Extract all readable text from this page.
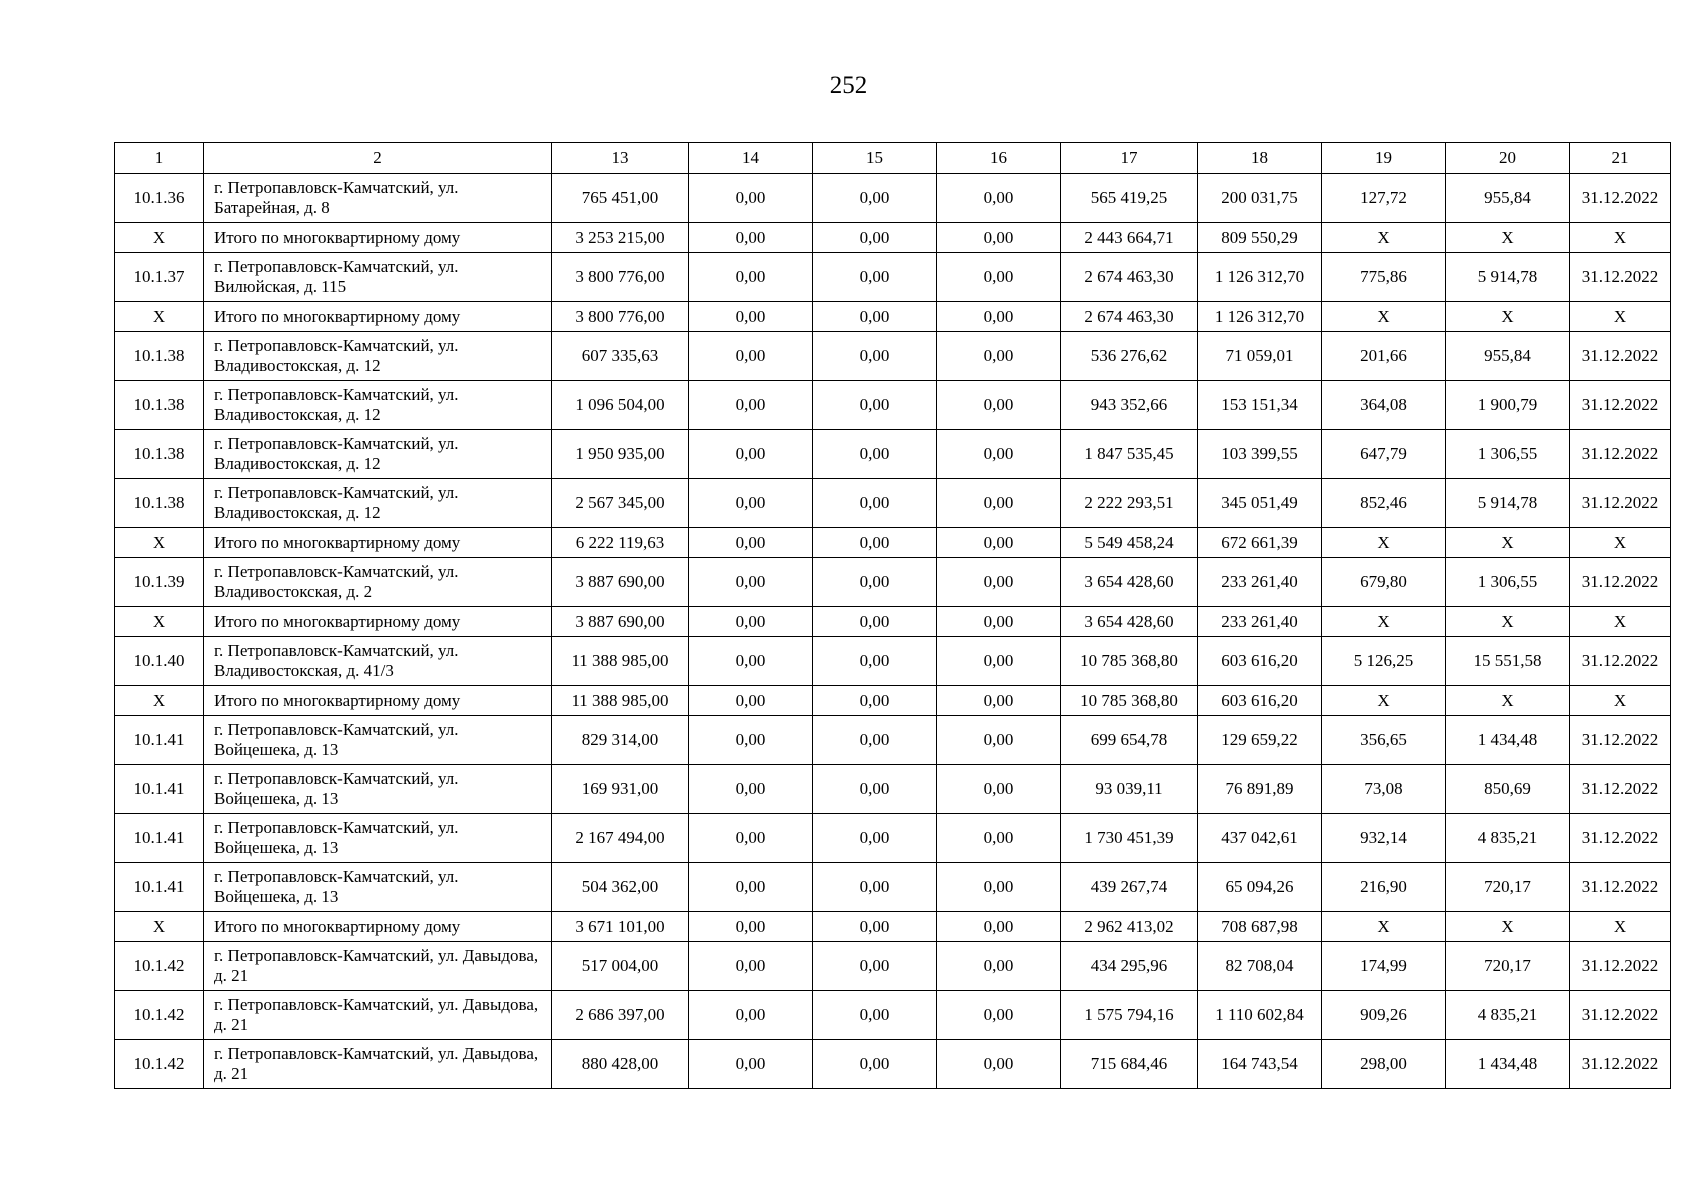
252
1	2	13	14	15	16	17	18	19	20	21
10.1.36	г. Петропавловск-Камчатский, ул. Батарейная, д. 8	765 451,00	0,00	0,00	0,00	565 419,25	200 031,75	127,72	955,84	31.12.2022
X	Итого по многоквартирному дому	3 253 215,00	0,00	0,00	0,00	2 443 664,71	809 550,29	X	X	X
10.1.37	г. Петропавловск-Камчатский, ул. Вилюйская, д. 115	3 800 776,00	0,00	0,00	0,00	2 674 463,30	1 126 312,70	775,86	5 914,78	31.12.2022
X	Итого по многоквартирному дому	3 800 776,00	0,00	0,00	0,00	2 674 463,30	1 126 312,70	X	X	X
10.1.38	г. Петропавловск-Камчатский, ул. Владивостокская, д. 12	607 335,63	0,00	0,00	0,00	536 276,62	71 059,01	201,66	955,84	31.12.2022
10.1.38	г. Петропавловск-Камчатский, ул. Владивостокская, д. 12	1 096 504,00	0,00	0,00	0,00	943 352,66	153 151,34	364,08	1 900,79	31.12.2022
10.1.38	г. Петропавловск-Камчатский, ул. Владивостокская, д. 12	1 950 935,00	0,00	0,00	0,00	1 847 535,45	103 399,55	647,79	1 306,55	31.12.2022
10.1.38	г. Петропавловск-Камчатский, ул. Владивостокская, д. 12	2 567 345,00	0,00	0,00	0,00	2 222 293,51	345 051,49	852,46	5 914,78	31.12.2022
X	Итого по многоквартирному дому	6 222 119,63	0,00	0,00	0,00	5 549 458,24	672 661,39	X	X	X
10.1.39	г. Петропавловск-Камчатский, ул. Владивостокская, д. 2	3 887 690,00	0,00	0,00	0,00	3 654 428,60	233 261,40	679,80	1 306,55	31.12.2022
X	Итого по многоквартирному дому	3 887 690,00	0,00	0,00	0,00	3 654 428,60	233 261,40	X	X	X
10.1.40	г. Петропавловск-Камчатский, ул. Владивостокская, д. 41/3	11 388 985,00	0,00	0,00	0,00	10 785 368,80	603 616,20	5 126,25	15 551,58	31.12.2022
X	Итого по многоквартирному дому	11 388 985,00	0,00	0,00	0,00	10 785 368,80	603 616,20	X	X	X
10.1.41	г. Петропавловск-Камчатский, ул. Войцешека, д. 13	829 314,00	0,00	0,00	0,00	699 654,78	129 659,22	356,65	1 434,48	31.12.2022
10.1.41	г. Петропавловск-Камчатский, ул. Войцешека, д. 13	169 931,00	0,00	0,00	0,00	93 039,11	76 891,89	73,08	850,69	31.12.2022
10.1.41	г. Петропавловск-Камчатский, ул. Войцешека, д. 13	2 167 494,00	0,00	0,00	0,00	1 730 451,39	437 042,61	932,14	4 835,21	31.12.2022
10.1.41	г. Петропавловск-Камчатский, ул. Войцешека, д. 13	504 362,00	0,00	0,00	0,00	439 267,74	65 094,26	216,90	720,17	31.12.2022
X	Итого по многоквартирному дому	3 671 101,00	0,00	0,00	0,00	2 962 413,02	708 687,98	X	X	X
10.1.42	г. Петропавловск-Камчатский, ул. Давыдова, д. 21	517 004,00	0,00	0,00	0,00	434 295,96	82 708,04	174,99	720,17	31.12.2022
10.1.42	г. Петропавловск-Камчатский, ул. Давыдова, д. 21	2 686 397,00	0,00	0,00	0,00	1 575 794,16	1 110 602,84	909,26	4 835,21	31.12.2022
10.1.42	г. Петропавловск-Камчатский, ул. Давыдова, д. 21	880 428,00	0,00	0,00	0,00	715 684,46	164 743,54	298,00	1 434,48	31.12.2022
